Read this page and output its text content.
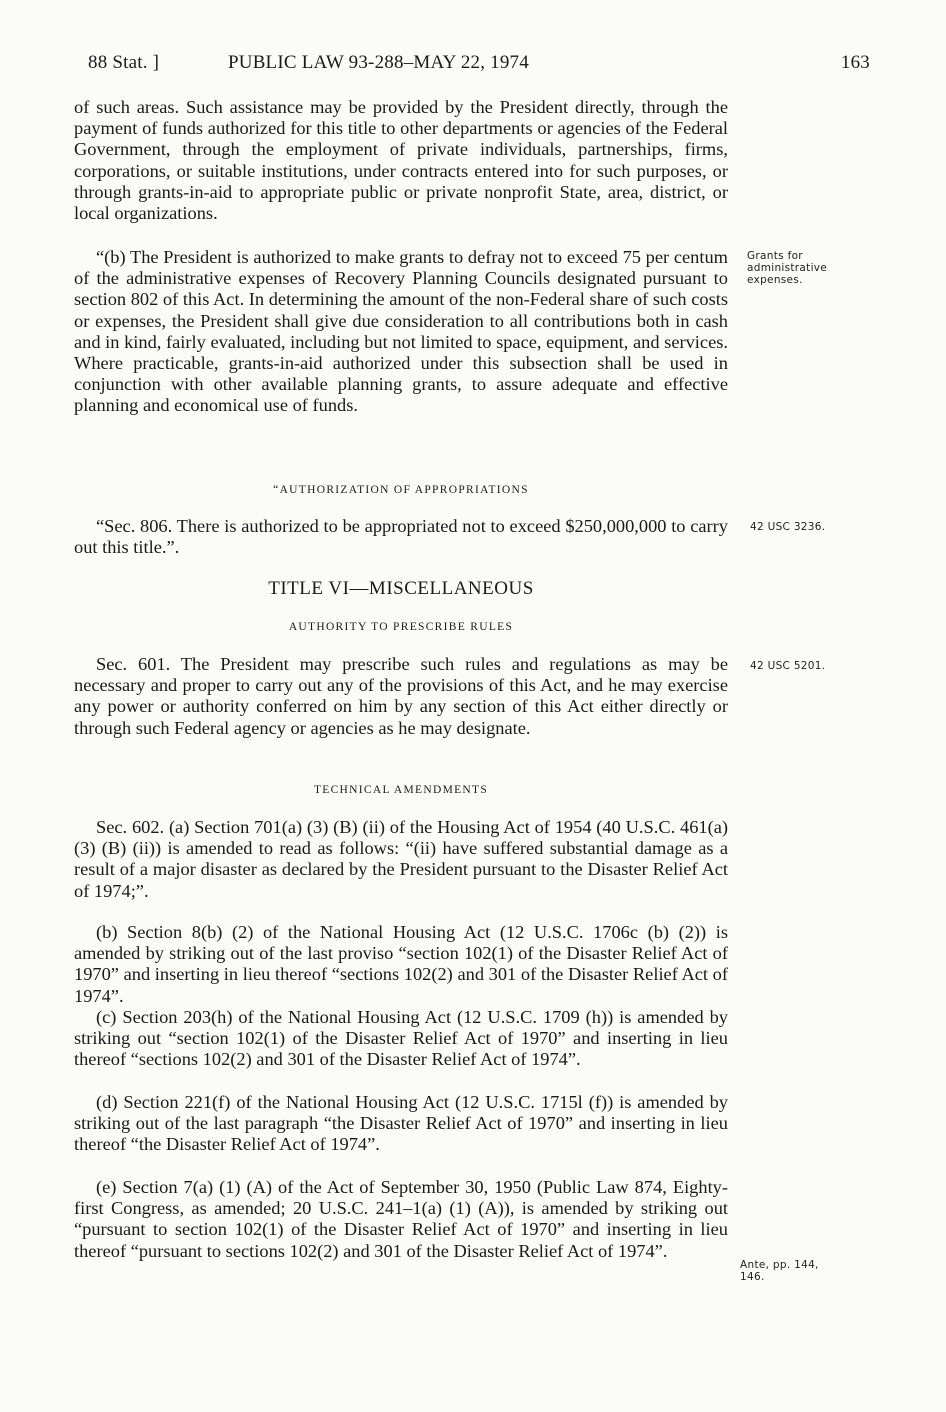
88 Stat. ]	PUBLIC LAW 93-288–MAY 22, 1974	163

of such areas. Such assistance may be provided by the President directly, through the payment of funds authorized for this title to other departments or agencies of the Federal Government, through the employment of private individuals, partnerships, firms, corporations, or suitable institutions, under contracts entered into for such purposes, or through grants-in-aid to appropriate public or private nonprofit State, area, district, or local organizations.

“(b) The President is authorized to make grants to defray not to exceed 75 per centum of the administrative expenses of Recovery Planning Councils designated pursuant to section 802 of this Act. In determining the amount of the non-Federal share of such costs or expenses, the President shall give due consideration to all contributions both in cash and in kind, fairly evaluated, including but not limited to space, equipment, and services. Where practicable, grants-in-aid authorized under this subsection shall be used in conjunction with other available planning grants, to assure adequate and effective planning and economical use of funds.

“AUTHORIZATION OF APPROPRIATIONS

“Sec. 806. There is authorized to be appropriated not to exceed $250,000,000 to carry out this title.”.

TITLE VI—MISCELLANEOUS
AUTHORITY TO PRESCRIBE RULES

Sec. 601. The President may prescribe such rules and regulations as may be necessary and proper to carry out any of the provisions of this Act, and he may exercise any power or authority conferred on him by any section of this Act either directly or through such Federal agency or agencies as he may designate.

TECHNICAL AMENDMENTS

Sec. 602. (a) Section 701(a) (3) (B) (ii) of the Housing Act of 1954 (40 U.S.C. 461(a) (3) (B) (ii)) is amended to read as follows: “(ii) have suffered substantial damage as a result of a major disaster as declared by the President pursuant to the Disaster Relief Act of 1974;”.

(b) Section 8(b) (2) of the National Housing Act (12 U.S.C. 1706c (b) (2)) is amended by striking out of the last proviso “section 102(1) of the Disaster Relief Act of 1970” and inserting in lieu thereof “sections 102(2) and 301 of the Disaster Relief Act of 1974”.

(c) Section 203(h) of the National Housing Act (12 U.S.C. 1709 (h)) is amended by striking out “section 102(1) of the Disaster Relief Act of 1970” and inserting in lieu thereof “sections 102(2) and 301 of the Disaster Relief Act of 1974”.

(d) Section 221(f) of the National Housing Act (12 U.S.C. 1715l (f)) is amended by striking out of the last paragraph “the Disaster Relief Act of 1970” and inserting in lieu thereof “the Disaster Relief Act of 1974”.

(e) Section 7(a) (1) (A) of the Act of September 30, 1950 (Public Law 874, Eighty-first Congress, as amended; 20 U.S.C. 241–1(a) (1) (A)), is amended by striking out “pursuant to section 102(1) of the Disaster Relief Act of 1970” and inserting in lieu thereof “pursuant to sections 102(2) and 301 of the Disaster Relief Act of 1974”.

Grants for
administrative
expenses.
42 USC 3236.
42 USC 5201.
Ante, pp. 144,
146.
